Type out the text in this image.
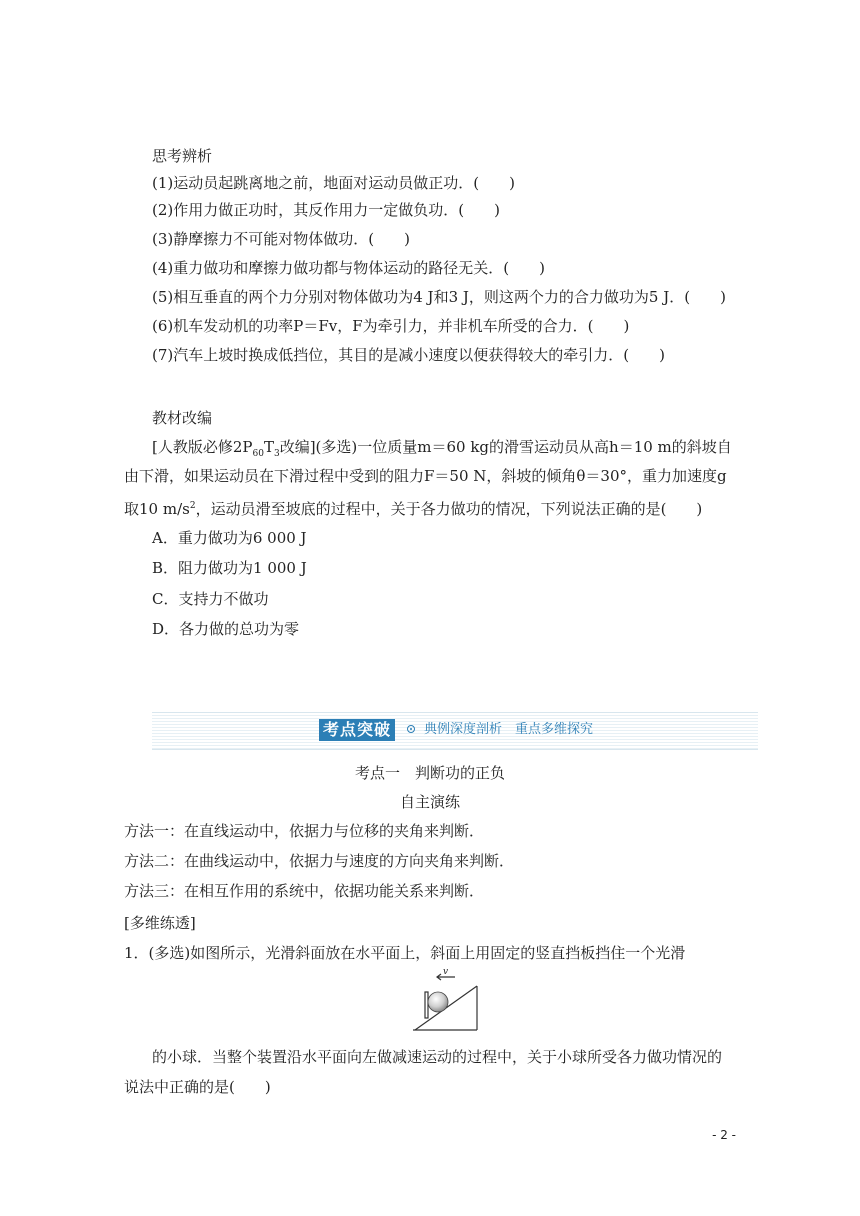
思考辨析
(1)运动员起跳离地之前，地面对运动员做正功．(　　)
(2)作用力做正功时，其反作用力一定做负功．(　　)
(3)静摩擦力不可能对物体做功．(　　)
(4)重力做功和摩擦力做功都与物体运动的路径无关．(　　)
(5)相互垂直的两个力分别对物体做功为4 J和3 J，则这两个力的合力做功为5 J．(　　)
(6)机车发动机的功率P＝Fv，F为牵引力，并非机车所受的合力．(　　)
(7)汽车上坡时换成低挡位，其目的是减小速度以便获得较大的牵引力．(　　)
教材改编
[人教版必修$2P_{60}T_3$改编](多选)一位质量m＝60 kg的滑雪运动员从高h＝10 m的斜坡自
由下滑，如果运动员在下滑过程中受到的阻力F＝50 N，斜坡的倾角θ＝30°，重力加速度g
取10 $m/s^2$，运动员滑至坡底的过程中，关于各力做功的情况，下列说法正确的是(　　)
A．重力做功为6 000 J
B．阻力做功为1 000 J
C．支持力不做功
D．各力做的总功为零
考点突破	典例深度剖析　重点多维探究
考点一　判断功的正负
自主演练
方法一：在直线运动中，依据力与位移的夹角来判断．
方法二：在曲线运动中，依据力与速度的方向夹角来判断．
方法三：在相互作用的系统中，依据功能关系来判断．
[多维练透]
1．(多选)如图所示，光滑斜面放在水平面上，斜面上用固定的竖直挡板挡住一个光滑
v
的小球．当整个装置沿水平面向左做减速运动的过程中，关于小球所受各力做功情况的
说法中正确的是(　　)
- 2 -
